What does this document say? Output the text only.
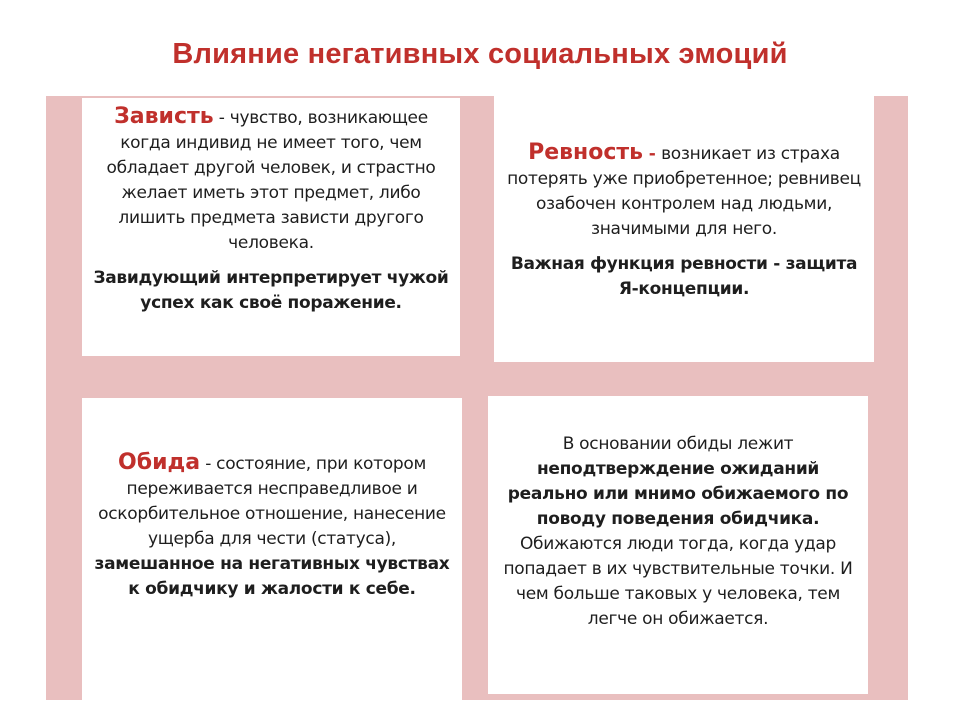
Влияние негативных социальных эмоций

Зависть - чувство, возникающее когда индивид не имеет того, чем обладает другой человек, и страстно желает иметь этот предмет, либо лишить предмета зависти другого человека.

Завидующий интерпретирует чужой успех как своё поражение.

Ревность - возникает из страха потерять уже приобретенное; ревнивец озабочен контролем над людьми, значимыми для него.

Важная функция ревности - защита Я-концепции.

Обида - состояние, при котором переживается несправедливое и оскорбительное отношение, нанесение ущерба для чести (статуса), замешанное на негативных чувствах к обидчику и жалости к себе.

В основании обиды лежит неподтверждение ожиданий реально или мнимо обижаемого по поводу поведения обидчика. Обижаются люди тогда, когда удар попадает в их чувствительные точки. И чем больше таковых у человека, тем легче он обижается.
